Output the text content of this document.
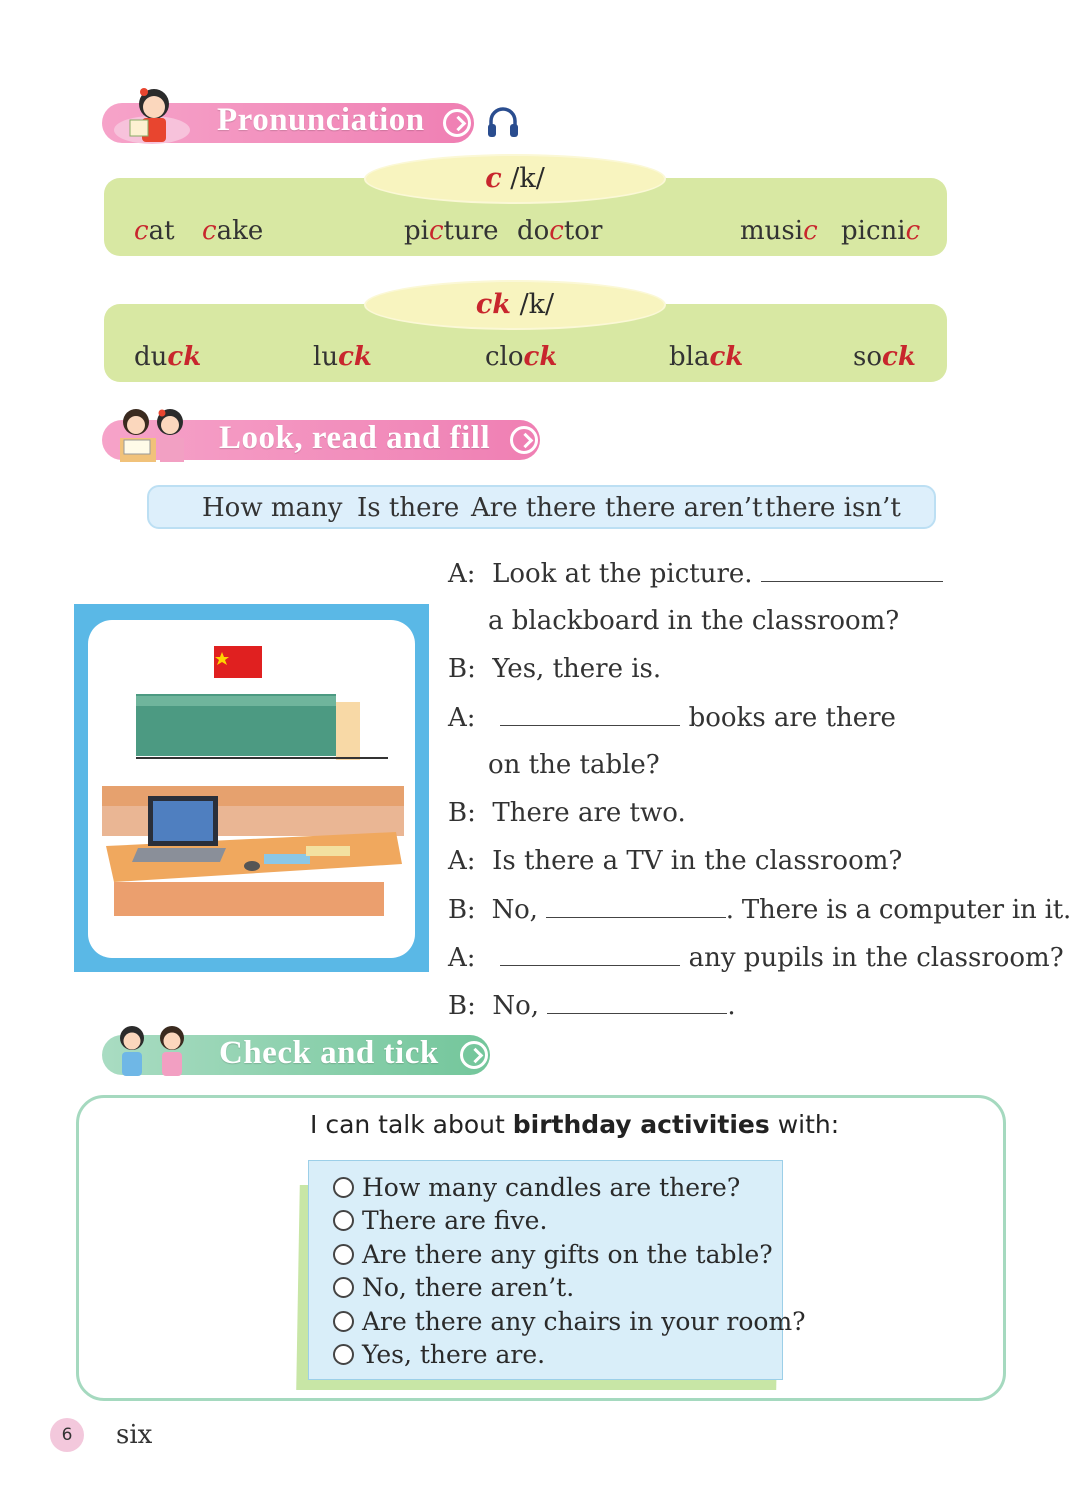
Pronunciation
c /k/
cat cake	picture doctor	music picnic
ck /k/
duck	luck	clock	black	sock
Look, read and fill
How many Is there Are there there aren’t there isn’t
A: Look at the picture.
a blackboard in the classroom?
B: Yes, there is.
A:	books are there
on the table?
B: There are two.
A: Is there a TV in the classroom?
B: No,	. There is a computer in it.
A:	any pupils in the classroom?
B: No,	.
Check and tick
I can talk about birthday activities with:
How many candles are there?
There are five.
Are there any gifts on the table?
No, there aren’t.
Are there any chairs in your room?
Yes, there are.
6	six
